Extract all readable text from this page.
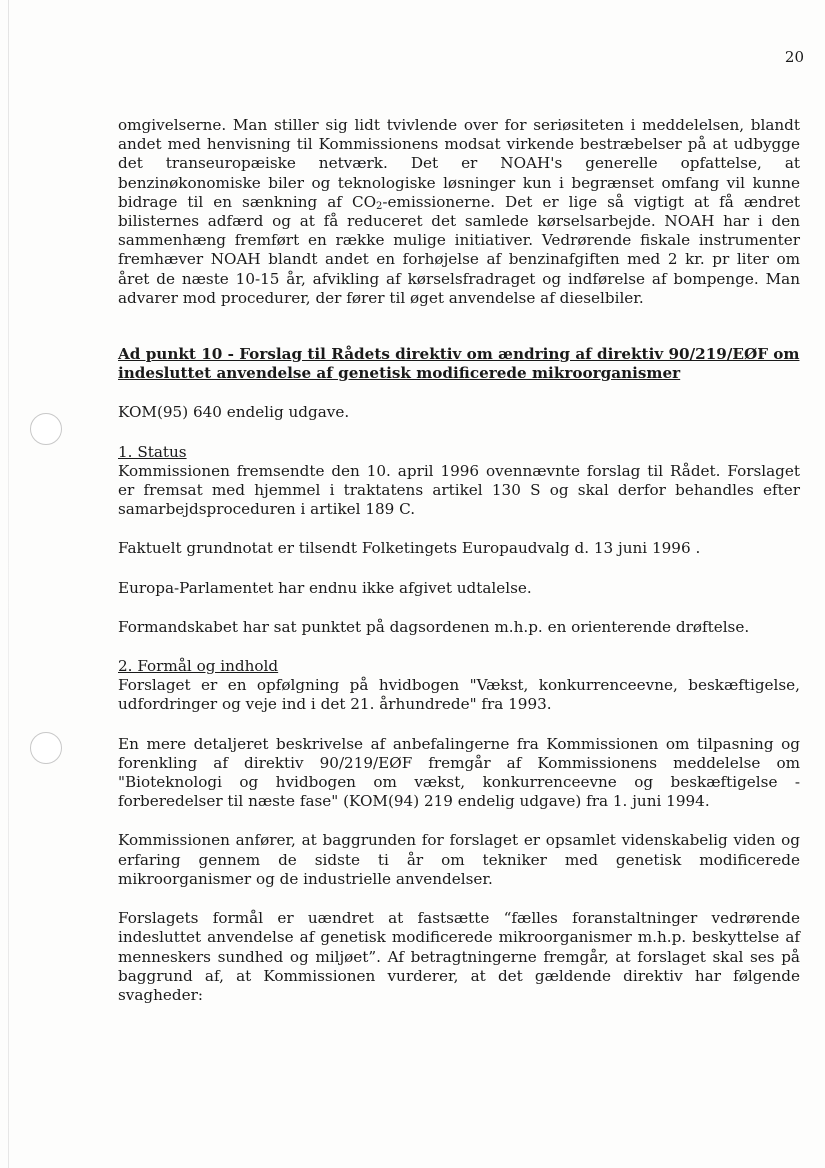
20

omgivelserne. Man stiller sig lidt tvivlende over for seriøsiteten i meddelelsen, blandt andet med henvisning til Kommissionens modsat virkende bestræbelser på at udbygge det transeuropæiske netværk. Det er NOAH's generelle opfattelse, at benzinøkonomiske biler og teknologiske løsninger kun i begrænset omfang vil kunne bidrage til en sænkning af $CO_2$-emissionerne. Det er lige så vigtigt at få ændret bilisternes adfærd og at få reduceret det samlede kørselsarbejde. NOAH har i den sammenhæng fremført en række mulige initiativer. Vedrørende fiskale instrumenter fremhæver NOAH blandt andet en forhøjelse af benzinafgiften med 2 kr. pr liter om året de næste 10-15 år, afvikling af kørselsfradraget og indførelse af bompenge. Man advarer mod procedurer, der fører til øget anvendelse af dieselbiler.

Ad punkt 10 - Forslag til Rådets direktiv om ændring af direktiv 90/219/EØF om indesluttet anvendelse af genetisk modificerede mikroorganismer

KOM(95) 640 endelig udgave.

1. Status

Kommissionen fremsendte den 10. april 1996 ovennævnte forslag til Rådet. Forslaget er fremsat med hjemmel i traktatens artikel 130 S og skal derfor behandles efter samarbejdsproceduren i artikel 189 C.

Faktuelt grundnotat er tilsendt Folketingets Europaudvalg d. 13 juni 1996 .

Europa-Parlamentet har endnu ikke afgivet udtalelse.

Formandskabet har sat punktet på dagsordenen m.h.p. en orienterende drøftelse.

2. Formål og indhold

Forslaget er en opfølgning på hvidbogen "Vækst, konkurrenceevne, beskæftigelse, udfordringer og veje ind i det 21. århundrede" fra 1993.

En mere detaljeret beskrivelse af anbefalingerne fra Kommissionen om tilpasning og forenkling af direktiv 90/219/EØF fremgår af Kommissionens meddelelse om "Bioteknologi og hvidbogen om vækst, konkurrenceevne og beskæftigelse - forberedelser til næste fase" (KOM(94) 219 endelig udgave) fra 1. juni 1994.

Kommissionen anfører, at baggrunden for forslaget er opsamlet videnskabelig viden og erfaring gennem de sidste ti år om tekniker med genetisk modificerede mikroorganismer og de industrielle anvendelser.

Forslagets formål er uændret at fastsætte “fælles foranstaltninger vedrørende indesluttet anvendelse af genetisk modificerede mikroorganismer m.h.p. beskyttelse af menneskers sundhed og miljøet”. Af betragtningerne fremgår, at forslaget skal ses på baggrund af, at Kommissionen vurderer, at det gældende direktiv har følgende svagheder:
